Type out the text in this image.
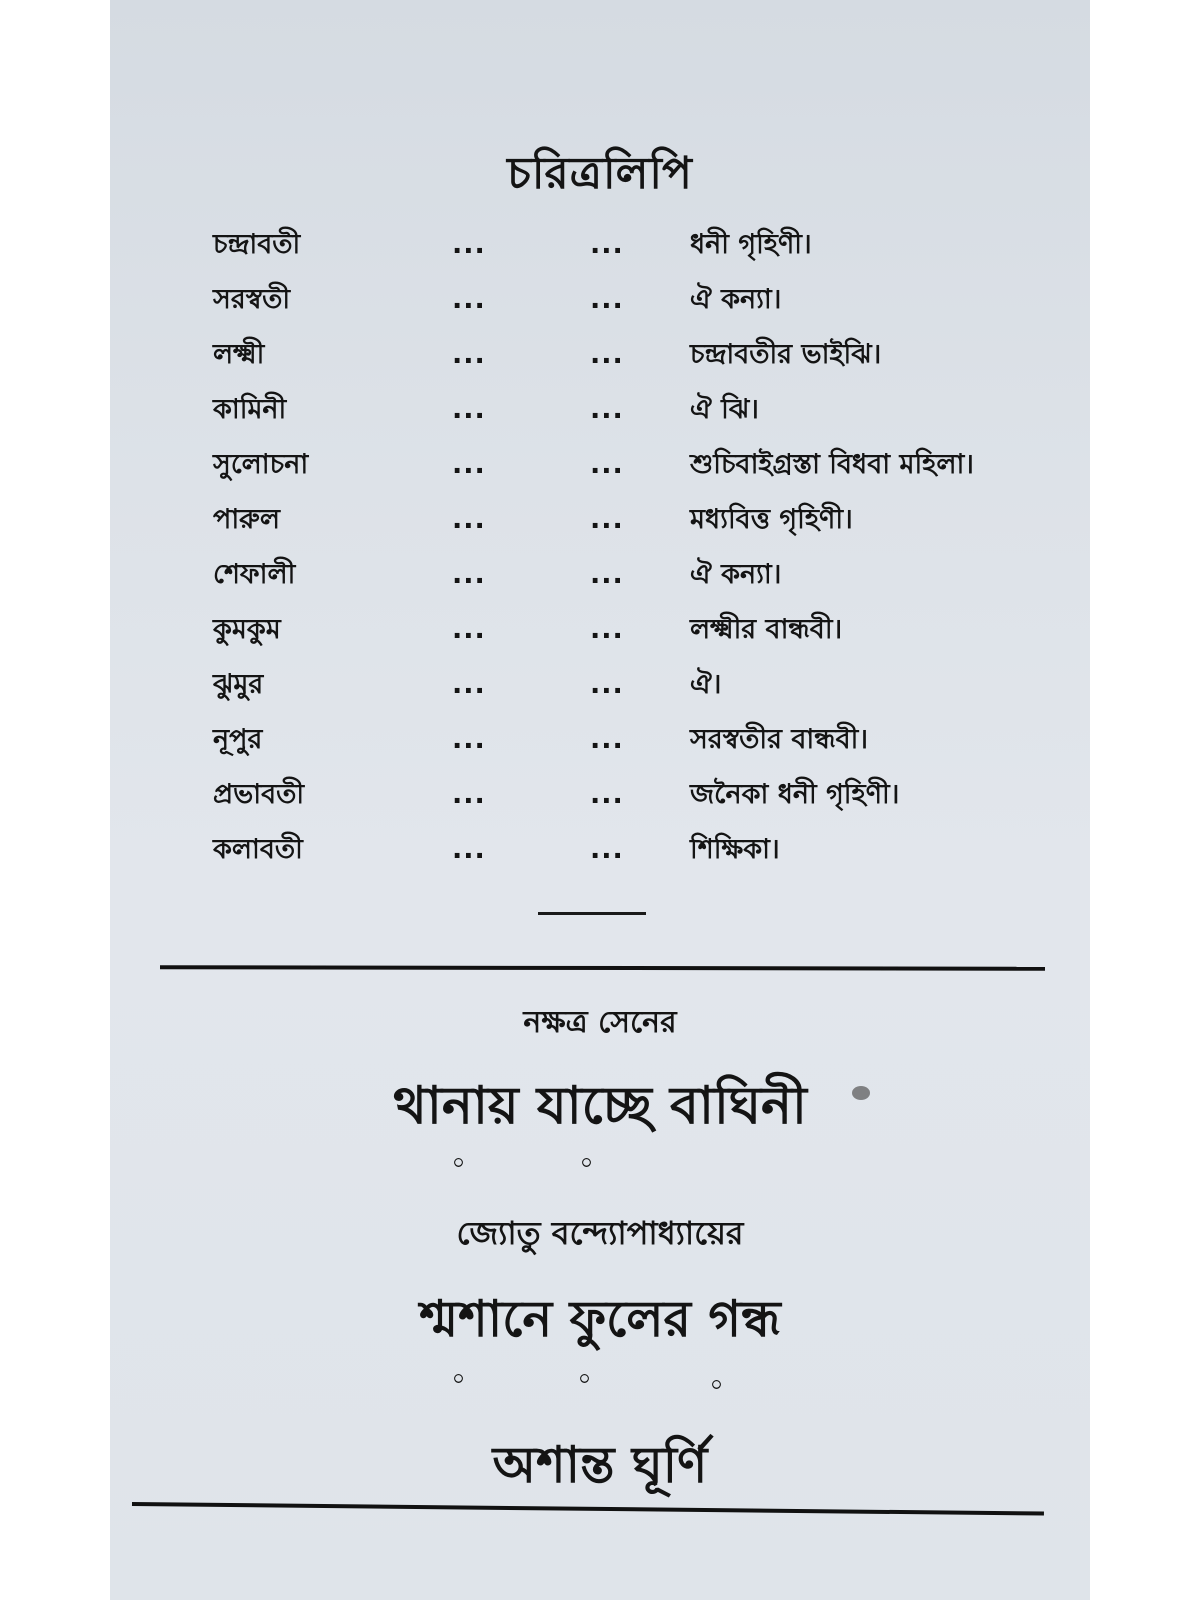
চরিত্রলিপি
চন্দ্রাবতী	...	... ধনী গৃহিণী।
সরস্বতী	...	... ঐ কন্যা।
লক্ষ্মী	...	... চন্দ্রাবতীর ভাইঝি।
কামিনী	...	... ঐ ঝি।
সুলোচনা	...	... শুচিবাইগ্রস্তা বিধবা মহিলা।
পারুল	...	... মধ্যবিত্ত গৃহিণী।
শেফালী	...	... ঐ কন্যা।
কুমকুম	...	... লক্ষ্মীর বান্ধবী।
ঝুমুর	...	... ঐ।
নূপুর	...	... সরস্বতীর বান্ধবী।
প্রভাবতী	...	... জনৈকা ধনী গৃহিণী।
কলাবতী	...	... শিক্ষিকা।
নক্ষত্র সেনের
থানায় যাচ্ছে বাঘিনী
০	০
জ্যোতু বন্দ্যোপাধ্যায়ের
শ্মশানে ফুলের গন্ধ
০	০	০
অশান্ত ঘূর্ণি
